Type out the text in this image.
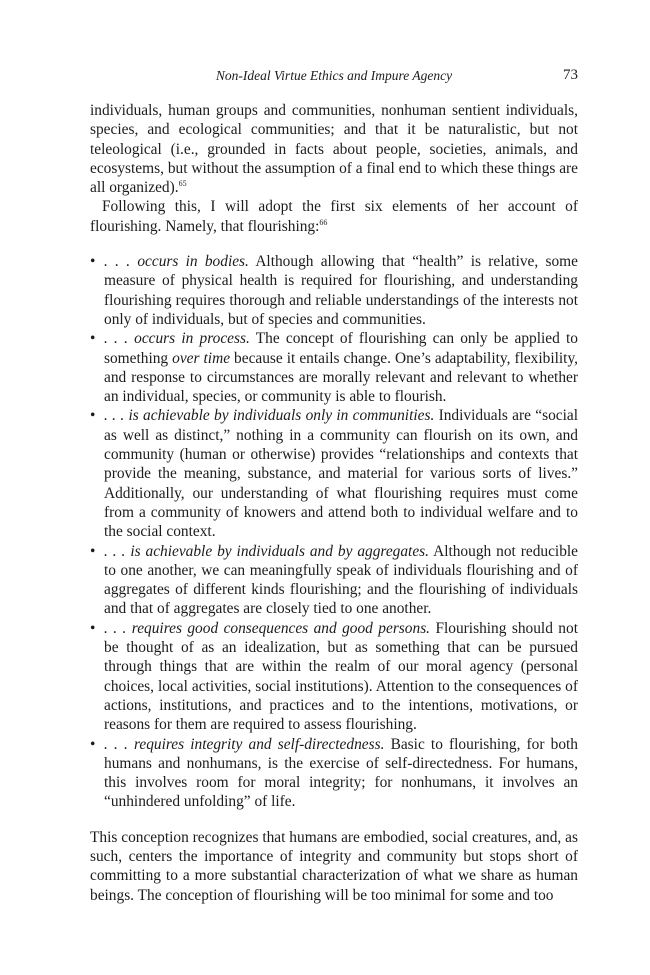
Non-Ideal Virtue Ethics and Impure Agency	73

individuals, human groups and communities, nonhuman sentient individuals, species, and ecological communities; and that it be naturalistic, but not teleological (i.e., grounded in facts about people, societies, animals, and ecosystems, but without the assumption of a final end to which these things are all organized).$^{65}$

Following this, I will adopt the first six elements of her account of flourishing. Namely, that flourishing:$^{66}$

• . . . occurs in bodies. Although allowing that “health” is relative, some measure of physical health is required for flourishing, and understanding flourishing requires thorough and reliable understandings of the interests not only of individuals, but of species and communities.
• . . . occurs in process. The concept of flourishing can only be applied to something over time because it entails change. One’s adaptability, flexibility, and response to circumstances are morally relevant and relevant to whether an individual, species, or community is able to flourish.
• . . . is achievable by individuals only in communities. Individuals are “social as well as distinct,” nothing in a community can flourish on its own, and community (human or otherwise) provides “relationships and contexts that provide the meaning, substance, and material for various sorts of lives.” Additionally, our understanding of what flourishing requires must come from a community of knowers and attend both to individual welfare and to the social context.
• . . . is achievable by individuals and by aggregates. Although not reducible to one another, we can meaningfully speak of individuals flourishing and of aggregates of different kinds flourishing; and the flourishing of individuals and that of aggregates are closely tied to one another.
• . . . requires good consequences and good persons. Flourishing should not be thought of as an idealization, but as something that can be pursued through things that are within the realm of our moral agency (personal choices, local activities, social institutions). Attention to the consequences of actions, institutions, and practices and to the intentions, motivations, or reasons for them are required to assess flourishing.
• . . . requires integrity and self-directedness. Basic to flourishing, for both humans and nonhumans, is the exercise of self-directedness. For humans, this involves room for moral integrity; for nonhumans, it involves an “unhindered unfolding” of life.

This conception recognizes that humans are embodied, social creatures, and, as such, centers the importance of integrity and community but stops short of committing to a more substantial characterization of what we share as human beings. The conception of flourishing will be too minimal for some and too
